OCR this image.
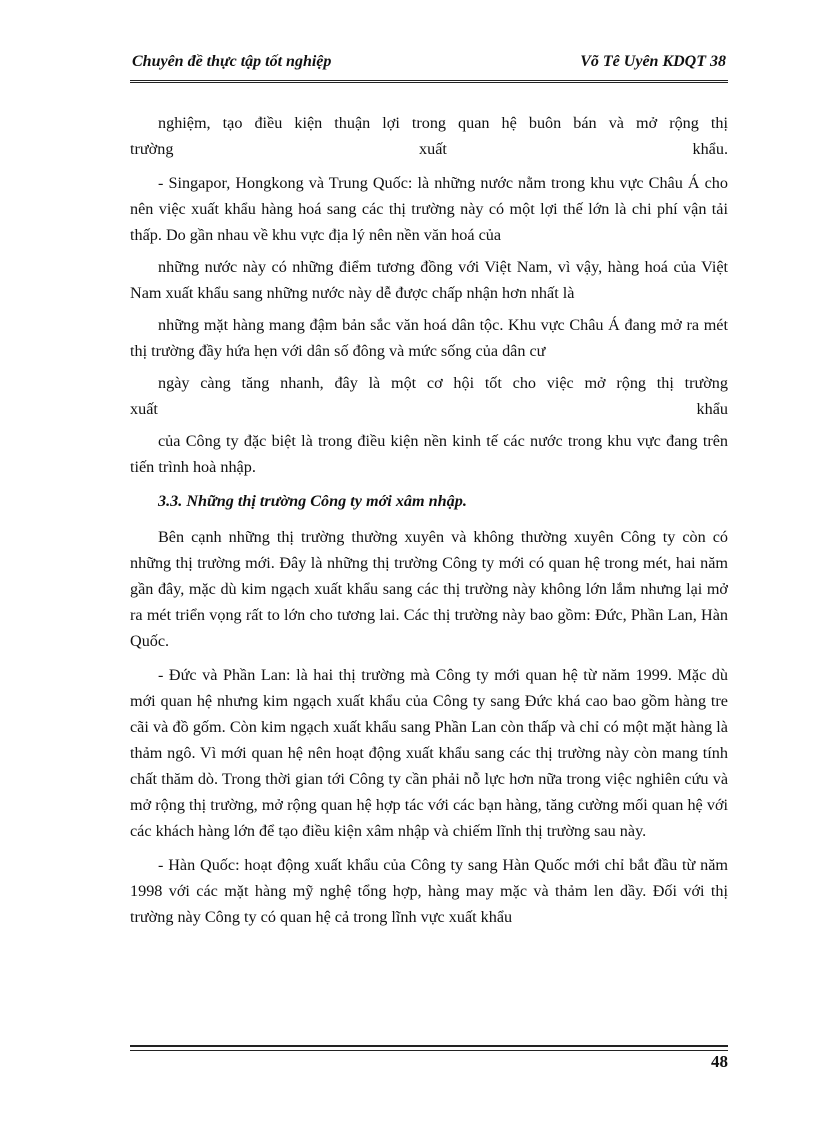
Chuyên đề thực tập tốt nghiệp	Võ Tê Uyên KDQT 38

nghiệm, tạo điều kiện thuận lợi trong quan hệ buôn bán và mở rộng thị
trường                                    xuất                                    khẩu.

- Singapor, Hongkong và Trung Quốc: là những nước nằm trong khu vực Châu Á cho nên việc xuất khẩu hàng hoá sang các thị trường này có một lợi thế lớn là chi phí vận tải thấp. Do gần nhau về khu vực địa lý nên nền văn hoá của

những nước này có những điểm tương đồng với Việt Nam, vì vậy, hàng hoá của Việt Nam xuất khẩu sang những nước này dễ được chấp nhận hơn nhất là

những mặt hàng mang đậm bản sắc văn hoá dân tộc. Khu vực Châu Á đang mở ra mét thị trường đầy hứa hẹn với dân số đông và mức sống của dân cư

ngày càng tăng nhanh, đây là một cơ hội tốt cho việc mở rộng thị trường
xuất                                                                        khẩu

của Công ty đặc biệt là trong điều kiện nền kinh tế các nước trong khu vực đang trên tiến trình hoà nhập.

3.3. Những thị trường Công ty mới xâm nhập.

Bên cạnh những thị trường thường xuyên và không thường xuyên Công ty còn có những thị trường mới. Đây là những thị trường Công ty mới có quan hệ trong mét, hai năm gần đây, mặc dù kim ngạch xuất khẩu sang các thị trường này không lớn lắm nhưng lại mở ra mét triển vọng rất to lớn cho tương lai. Các thị trường này bao gồm: Đức, Phần Lan, Hàn Quốc.

- Đức và Phần Lan: là hai thị trường mà Công ty mới quan hệ từ năm 1999. Mặc dù mới quan hệ nhưng kim ngạch xuất khẩu của Công ty sang Đức khá cao bao gồm hàng tre cãi và đồ gốm. Còn kim ngạch xuất khẩu sang Phần Lan còn thấp và chỉ có một mặt hàng là thảm ngô. Vì mới quan hệ nên hoạt động xuất khẩu sang các thị trường này còn mang tính chất thăm dò. Trong thời gian tới Công ty cần phải nỗ lực hơn nữa trong việc nghiên cứu và mở rộng thị trường, mở rộng quan hệ hợp tác với các bạn hàng, tăng cường mối quan hệ với các khách hàng lớn để tạo điều kiện xâm nhập và chiếm lĩnh thị trường sau này.

- Hàn Quốc: hoạt động xuất khẩu của Công ty sang Hàn Quốc mới chỉ bắt đầu từ năm 1998 với các mặt hàng mỹ nghệ tổng hợp, hàng may mặc và thảm len dầy. Đối với thị trường này Công ty có quan hệ cả trong lĩnh vực xuất khẩu

48
